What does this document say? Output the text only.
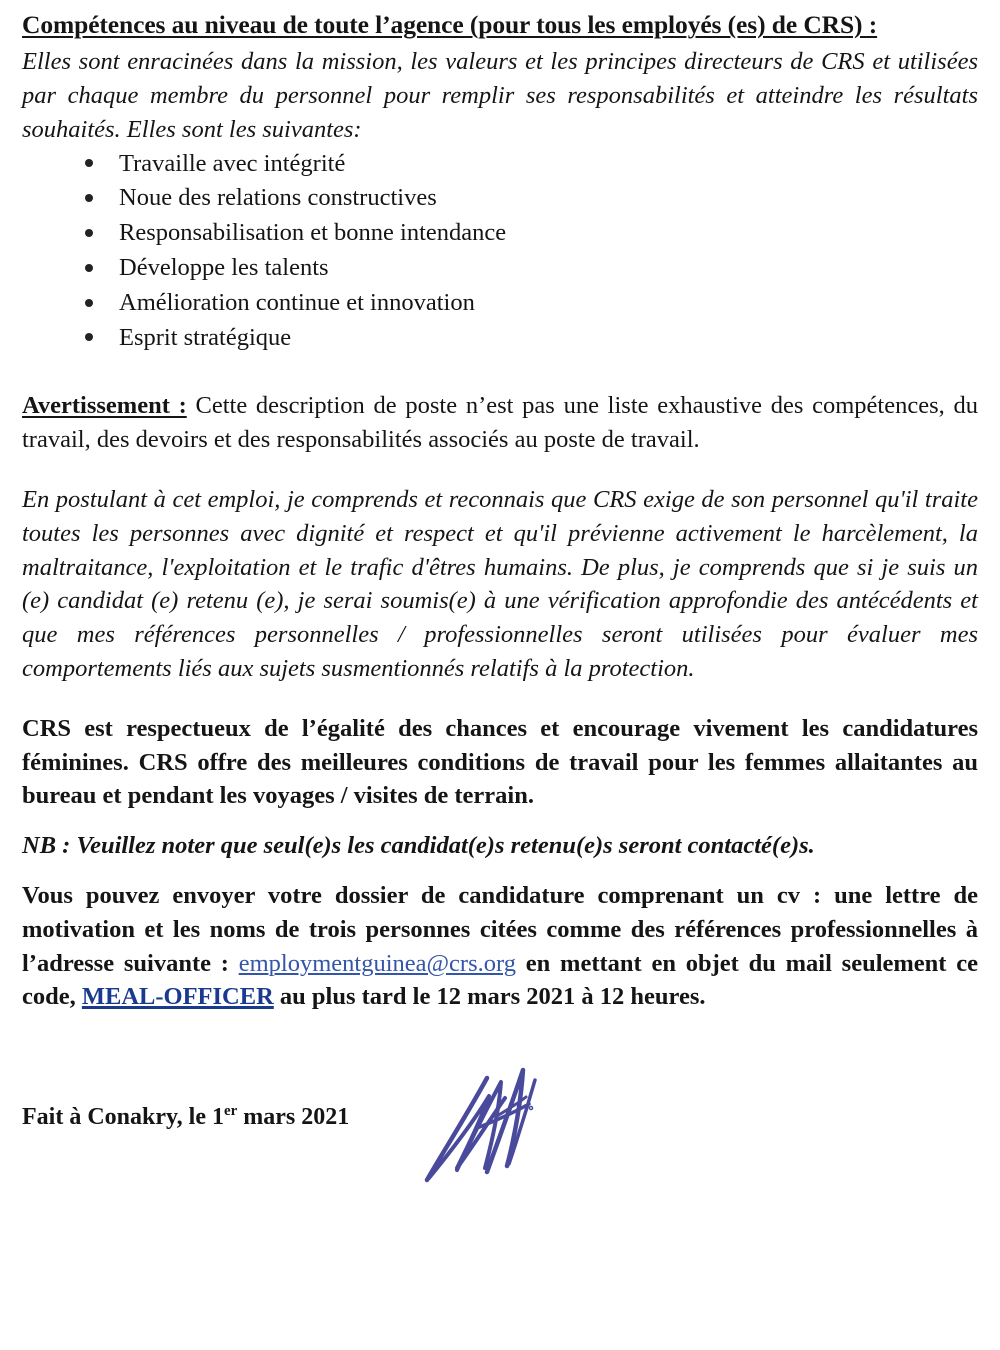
Compétences au niveau de toute l’agence (pour tous les employés (es) de CRS) :

Elles sont enracinées dans la mission, les valeurs et les principes directeurs de CRS et utilisées par chaque membre du personnel pour remplir ses responsabilités et atteindre les résultats souhaités. Elles sont les suivantes:

Travaille avec intégrité
Noue des relations constructives
Responsabilisation et bonne intendance
Développe les talents
Amélioration continue et innovation
Esprit stratégique

Avertissement : Cette description de poste n’est pas une liste exhaustive des compétences, du travail, des devoirs et des responsabilités associés au poste de travail.

En postulant à cet emploi, je comprends et reconnais que CRS exige de son personnel qu'il traite toutes les personnes avec dignité et respect et qu'il prévienne activement le harcèlement, la maltraitance, l'exploitation et le trafic d'êtres humains. De plus, je comprends que si je suis un (e) candidat (e) retenu (e), je serai soumis(e) à une vérification approfondie des antécédents et que mes références personnelles / professionnelles seront utilisées pour évaluer mes comportements liés aux sujets susmentionnés relatifs à la protection.

CRS est respectueux de l’égalité des chances et encourage vivement les candidatures féminines. CRS offre des meilleures conditions de travail pour les femmes allaitantes au bureau et pendant les voyages / visites de terrain.

NB : Veuillez noter que seul(e)s les candidat(e)s retenu(e)s seront contacté(e)s.

Vous pouvez envoyer votre dossier de candidature comprenant un cv : une lettre de motivation et les noms de trois personnes citées comme des références professionnelles à l’adresse suivante : employmentguinea@crs.org en mettant en objet du mail seulement ce code, MEAL-OFFICER au plus tard le 12 mars 2021 à 12 heures.

Fait à Conakry, le 1er mars 2021
